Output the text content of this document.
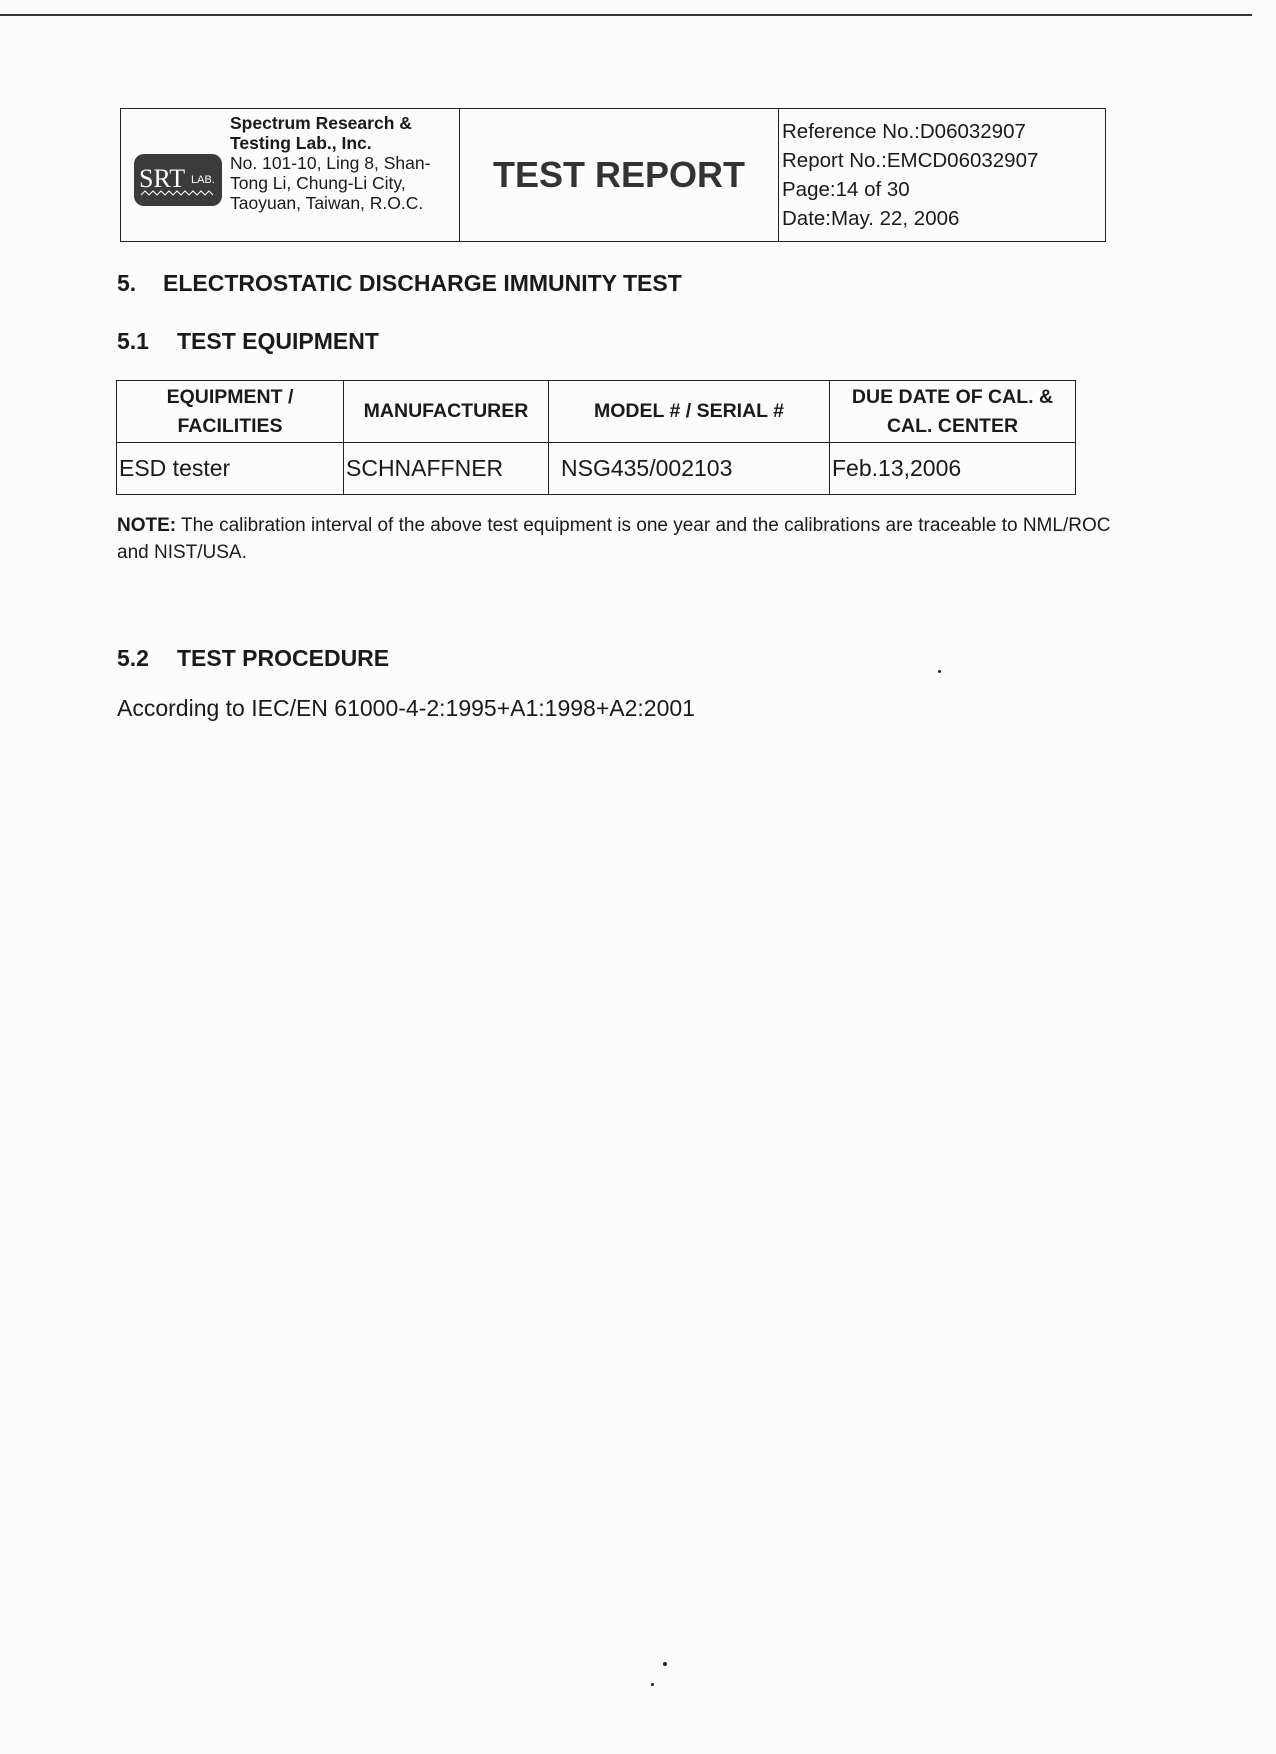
SRT LAB.
Spectrum Research & Testing Lab., Inc.
No. 101-10, Ling 8, Shan-Tong Li, Chung-Li City, Taoyuan, Taiwan, R.O.C.
TEST REPORT
Reference No.:D06032907
Report No.:EMCD06032907
Page:14 of 30
Date:May. 22, 2006
5. ELECTROSTATIC DISCHARGE IMMUNITY TEST
5.1 TEST EQUIPMENT
EQUIPMENT / FACILITIES	MANUFACTURER	MODEL # / SERIAL #	DUE DATE OF CAL. & CAL. CENTER
ESD tester	SCHNAFFNER	NSG435/002103	Feb.13,2006
NOTE: The calibration interval of the above test equipment is one year and the calibrations are traceable to NML/ROC and NIST/USA.
5.2 TEST PROCEDURE
According to IEC/EN 61000-4-2:1995+A1:1998+A2:2001
